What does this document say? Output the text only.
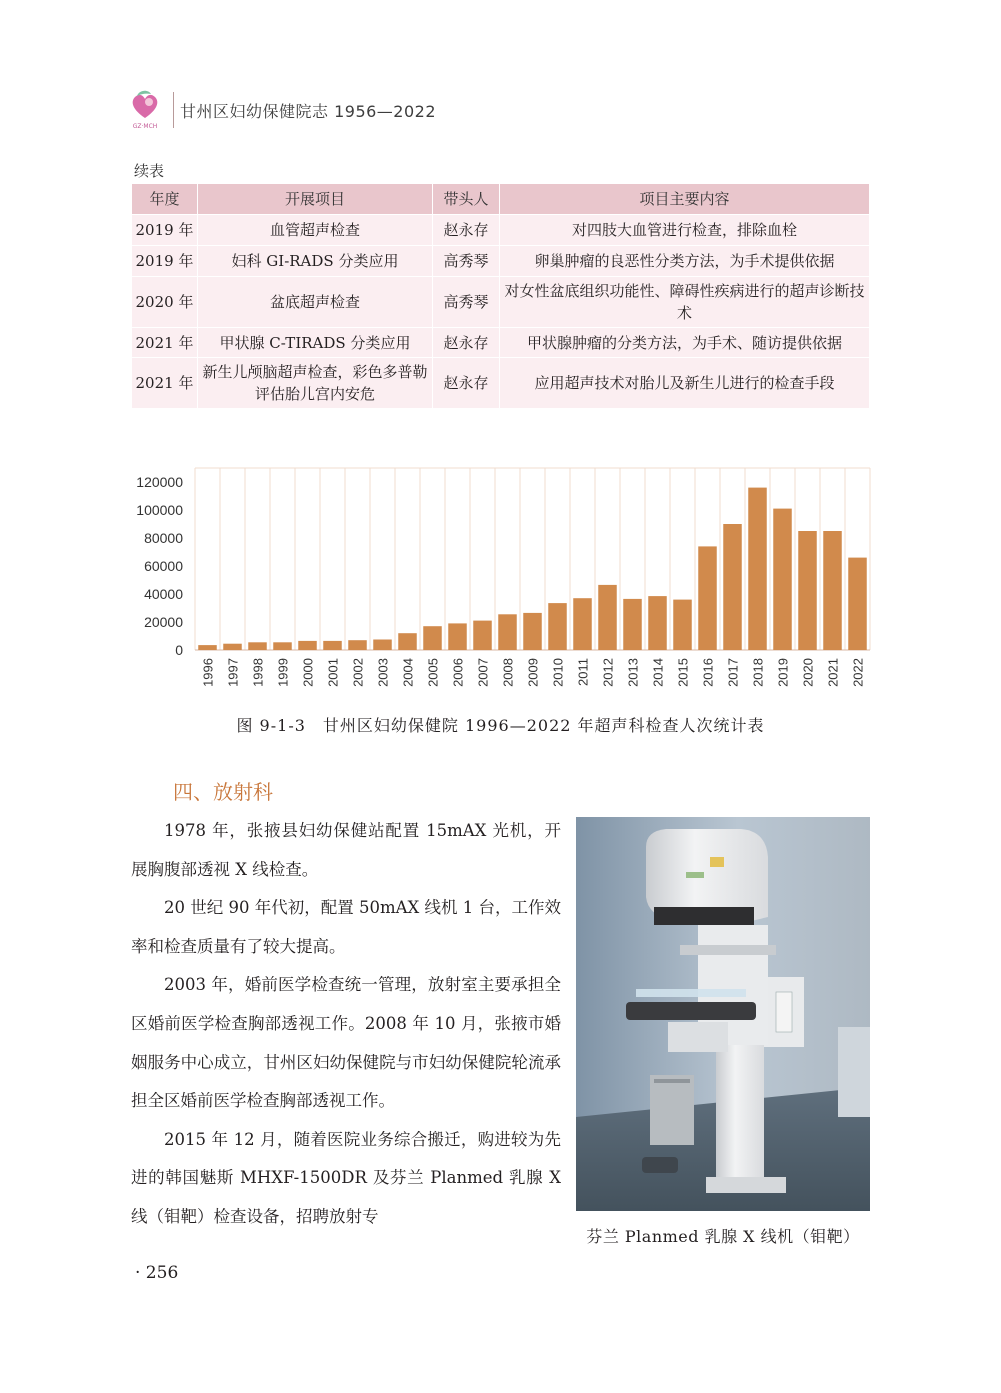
GZ·MCH
甘州区妇幼保健院志 1956—2022
续表
年度	开展项目	带头人	项目主要内容
2019 年	血管超声检查	赵永存	对四肢大血管进行检查，排除血栓
2019 年	妇科 GI-RADS 分类应用	高秀琴	卵巢肿瘤的良恶性分类方法，为手术提供依据
2020 年	盆底超声检查	高秀琴	对女性盆底组织功能性、障碍性疾病进行的超声诊断技术
2021 年	甲状腺 C-TIRADS 分类应用	赵永存	甲状腺肿瘤的分类方法，为手术、随访提供依据
2021 年	新生儿颅脑超声检查，彩色多普勒评估胎儿宫内安危	赵永存	应用超声技术对胎儿及新生儿进行的检查手段
0
20000
40000
60000
80000
100000
120000
1996 1997 1998 1999 2000 2001 2002 2003 2004 2005 2006 2007 2008 2009 2010 2011 2012 2013 2014 2015 2016 2017 2018 2019 2020 2021 2022
图 9-1-3　甘州区妇幼保健院 1996—2022 年超声科检查人次统计表
四、放射科

1978 年，张掖县妇幼保健站配置 15mAX 光机，开展胸腹部透视 X 线检查。

20 世纪 90 年代初，配置 50mAX 线机 1 台，工作效率和检查质量有了较大提高。

2003 年，婚前医学检查统一管理，放射室主要承担全区婚前医学检查胸部透视工作。2008 年 10 月，张掖市婚姻服务中心成立，甘州区妇幼保健院与市妇幼保健院轮流承担全区婚前医学检查胸部透视工作。

2015 年 12 月，随着医院业务综合搬迁，购进较为先进的韩国魅斯 MHXF-1500DR 及芬兰 Planmed 乳腺 X 线（钼靶）检查设备，招聘放射专

芬兰 Planmed 乳腺 X 线机（钼靶）
· 256
